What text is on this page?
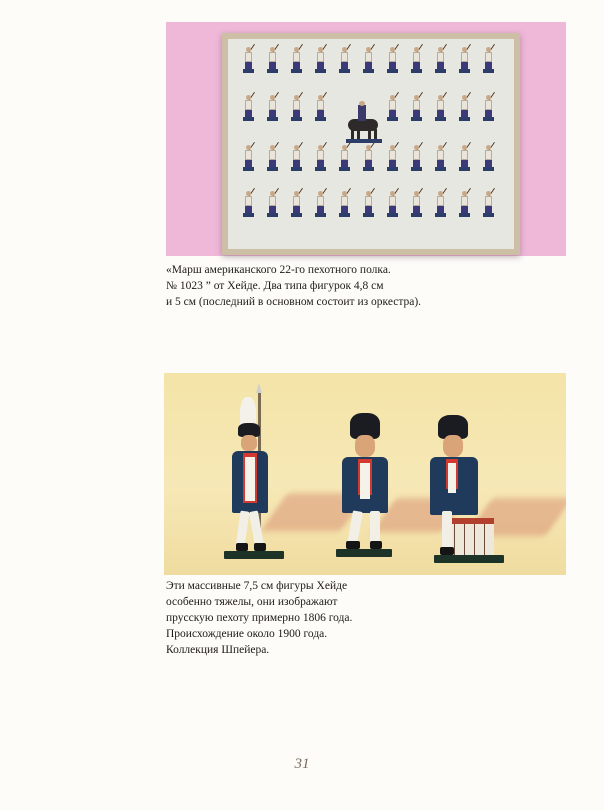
«Марш американского 22-го пехотного полка.
№ 1023 ” от Хейде. Два типа фигурок 4,8 см
и 5 см (последний в основном состоит из оркестра).

Эти массивные 7,5 см фигуры Хейде
особенно тяжелы, они изображают
прусскую пехоту примерно 1806 года.
Происхождение около 1900 года.
Коллекция Шпейера.

31
